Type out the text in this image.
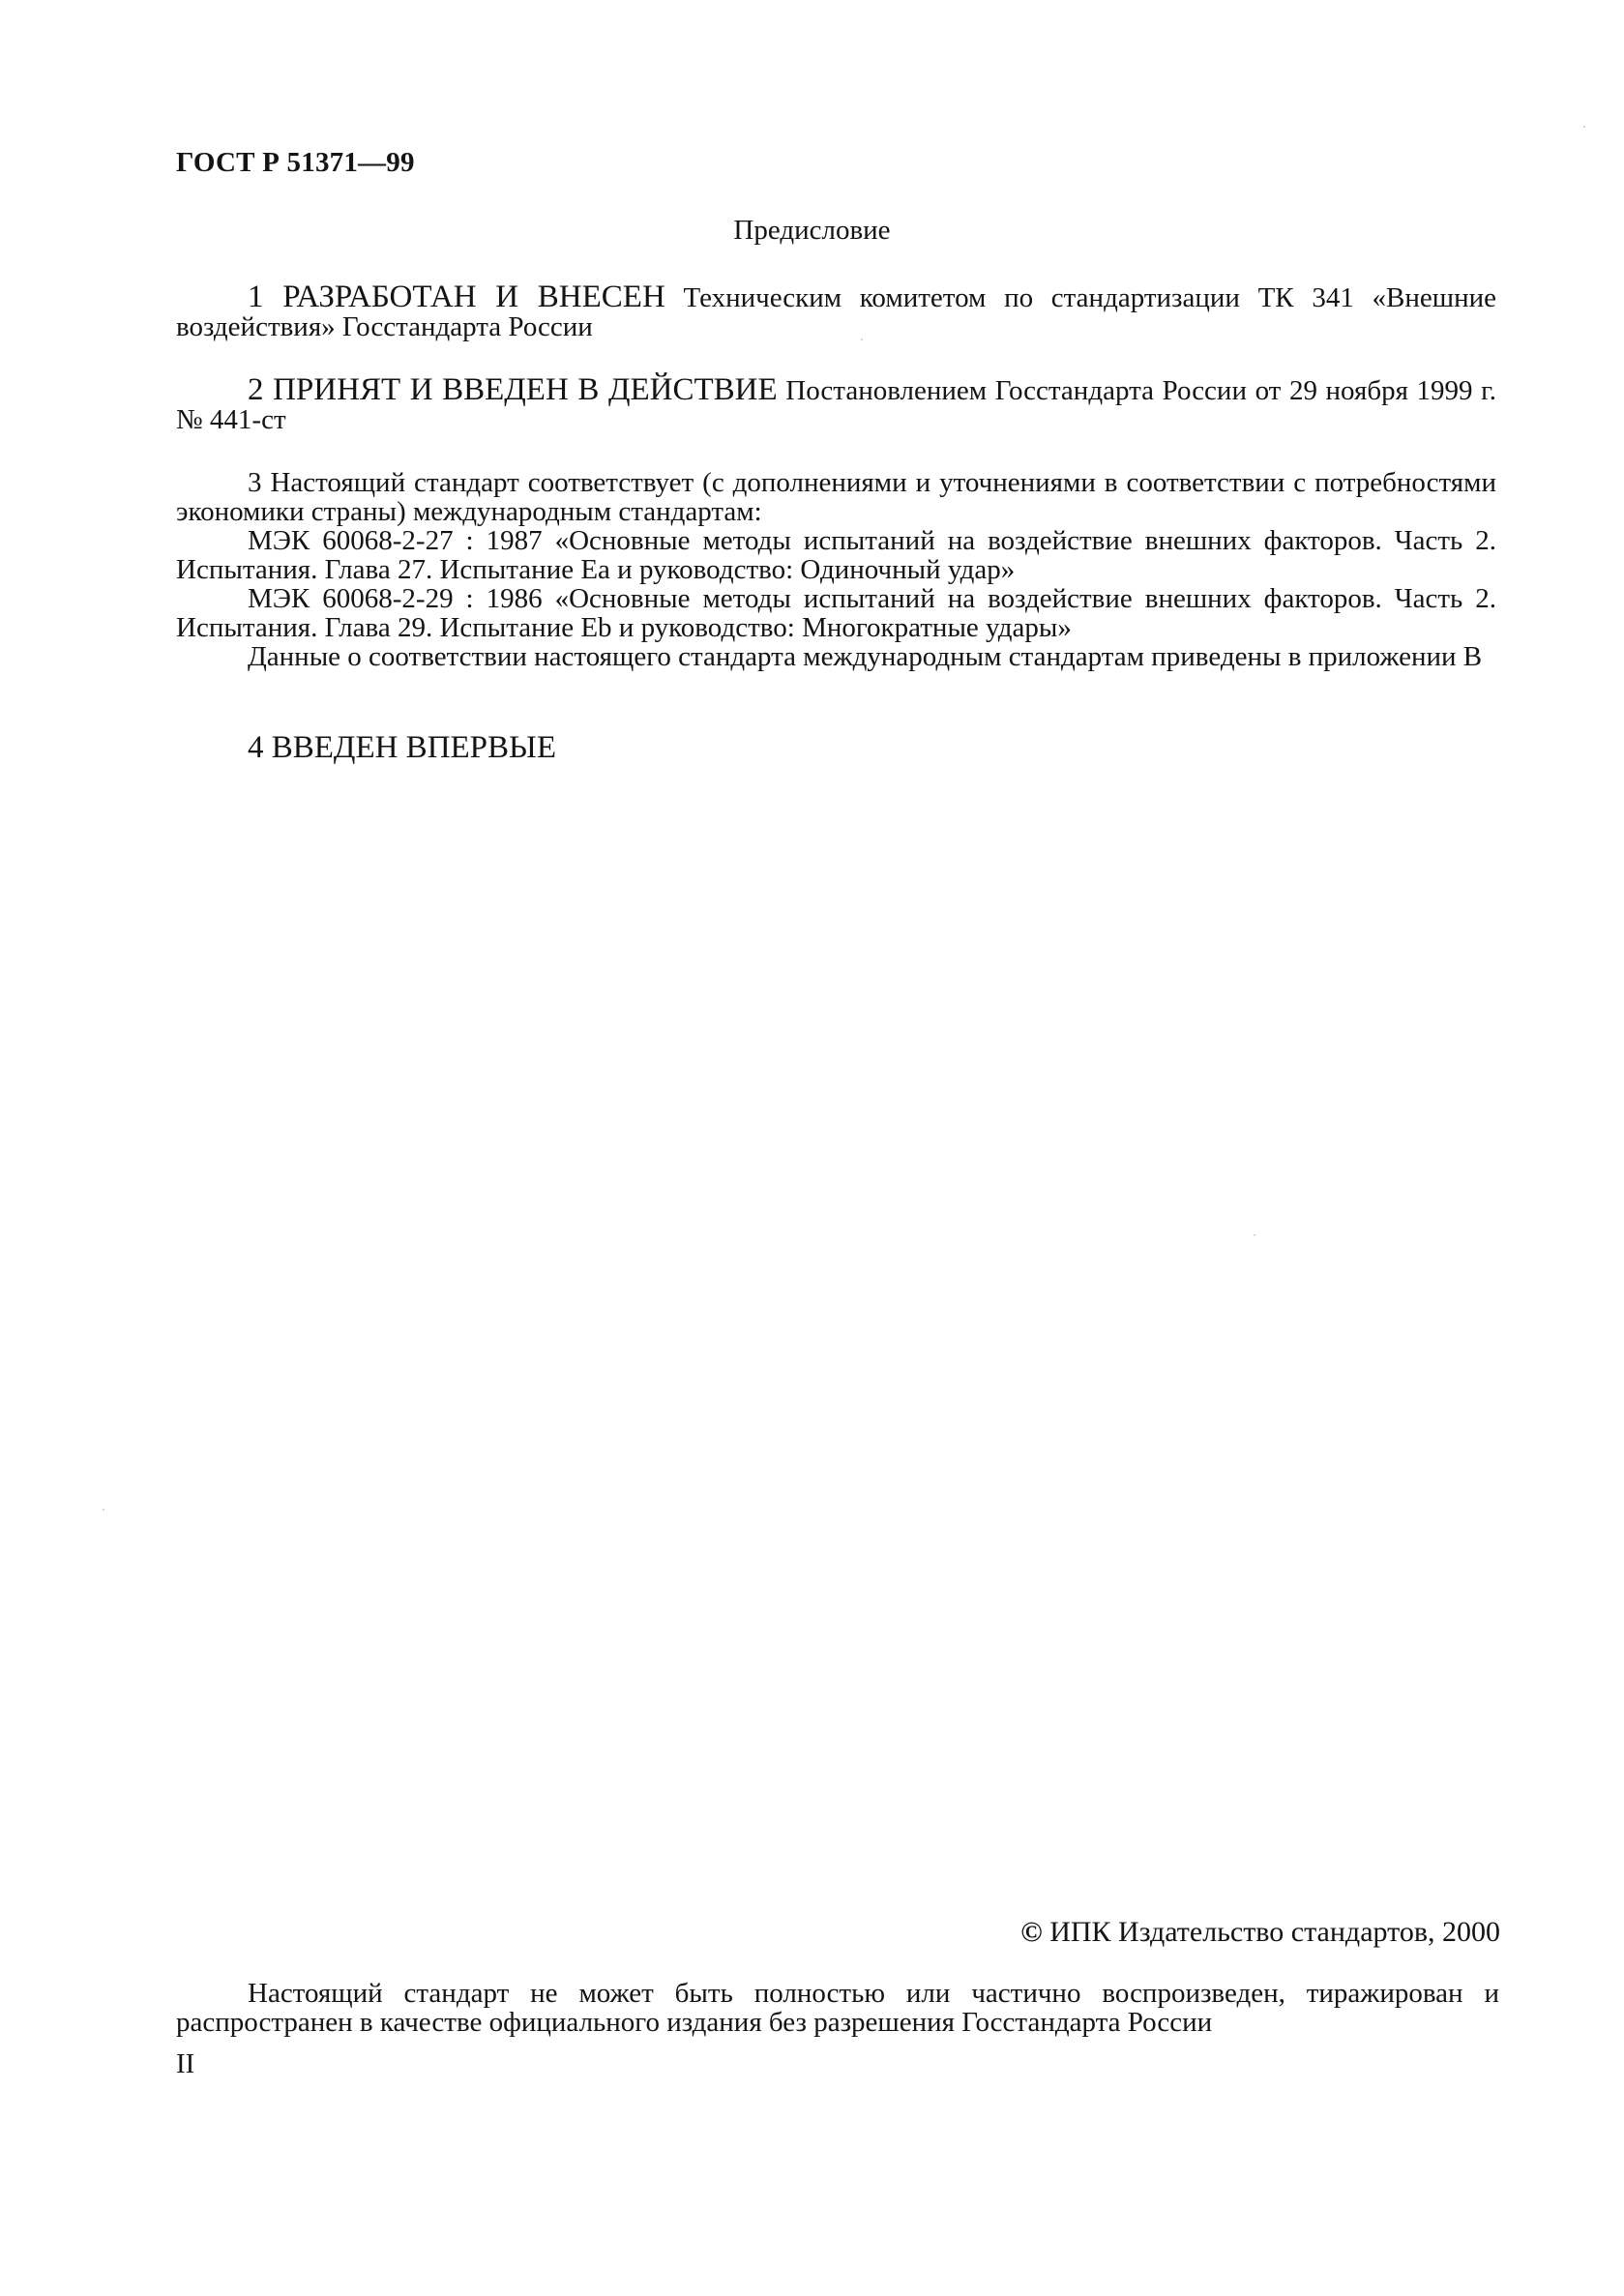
ГОСТ Р 51371—99
Предисловие

1 РАЗРАБОТАН И ВНЕСЕН Техническим комитетом по стандартизации ТК 341 «Внешние воздействия» Госстандарта России

2 ПРИНЯТ И ВВЕДЕН В ДЕЙСТВИЕ Постановлением Госстандарта России от 29 ноября 1999 г. № 441-ст

3 Настоящий стандарт соответствует (с дополнениями и уточнениями в соответствии с потребностями экономики страны) международным стандартам:

МЭК 60068-2-27 : 1987 «Основные методы испытаний на воздействие внешних факторов. Часть 2. Испытания. Глава 27. Испытание Ea и руководство: Одиночный удар»

МЭК 60068-2-29 : 1986 «Основные методы испытаний на воздействие внешних факторов. Часть 2. Испытания. Глава 29. Испытание Eb и руководство: Многократные удары»

Данные о соответствии настоящего стандарта международным стандартам приведены в приложении В

4 ВВЕДЕН ВПЕРВЫЕ

© ИПК Издательство стандартов, 2000

Настоящий стандарт не может быть полностью или частично воспроизведен, тиражирован и распространен в качестве официального издания без разрешения Госстандарта России

II
